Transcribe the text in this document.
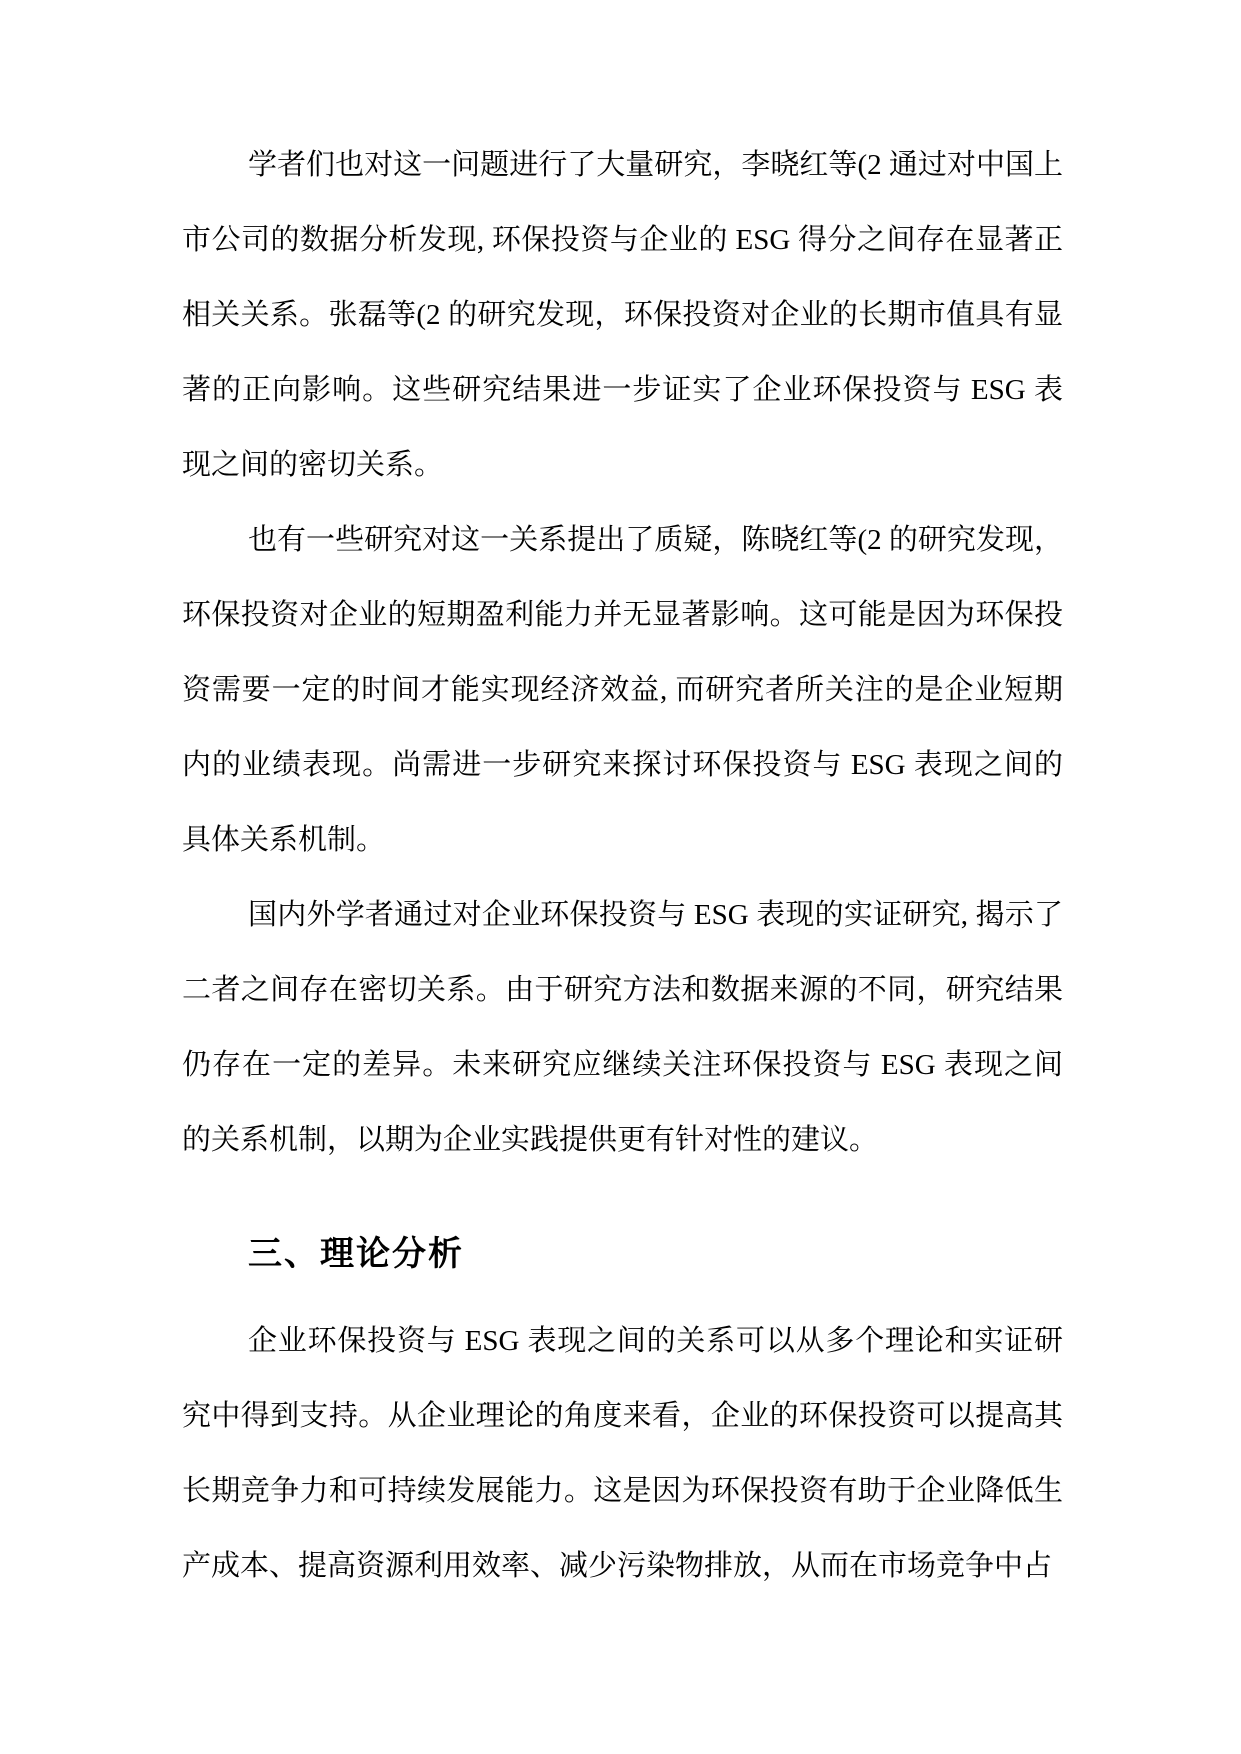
学者们也对这一问题进行了大量研究，李晓红等(2 通过对中国上市公司的数据分析发现, 环保投资与企业的 ESG 得分之间存在显著正相关关系。张磊等(2 的研究发现，环保投资对企业的长期市值具有显著的正向影响。这些研究结果进一步证实了企业环保投资与 ESG 表现之间的密切关系。

也有一些研究对这一关系提出了质疑，陈晓红等(2 的研究发现，环保投资对企业的短期盈利能力并无显著影响。这可能是因为环保投资需要一定的时间才能实现经济效益, 而研究者所关注的是企业短期内的业绩表现。尚需进一步研究来探讨环保投资与 ESG 表现之间的具体关系机制。

国内外学者通过对企业环保投资与 ESG 表现的实证研究, 揭示了二者之间存在密切关系。由于研究方法和数据来源的不同，研究结果仍存在一定的差异。未来研究应继续关注环保投资与 ESG 表现之间的关系机制，以期为企业实践提供更有针对性的建议。

三、理论分析

企业环保投资与 ESG 表现之间的关系可以从多个理论和实证研究中得到支持。从企业理论的角度来看，企业的环保投资可以提高其长期竞争力和可持续发展能力。这是因为环保投资有助于企业降低生产成本、提高资源利用效率、减少污染物排放，从而在市场竞争中占
